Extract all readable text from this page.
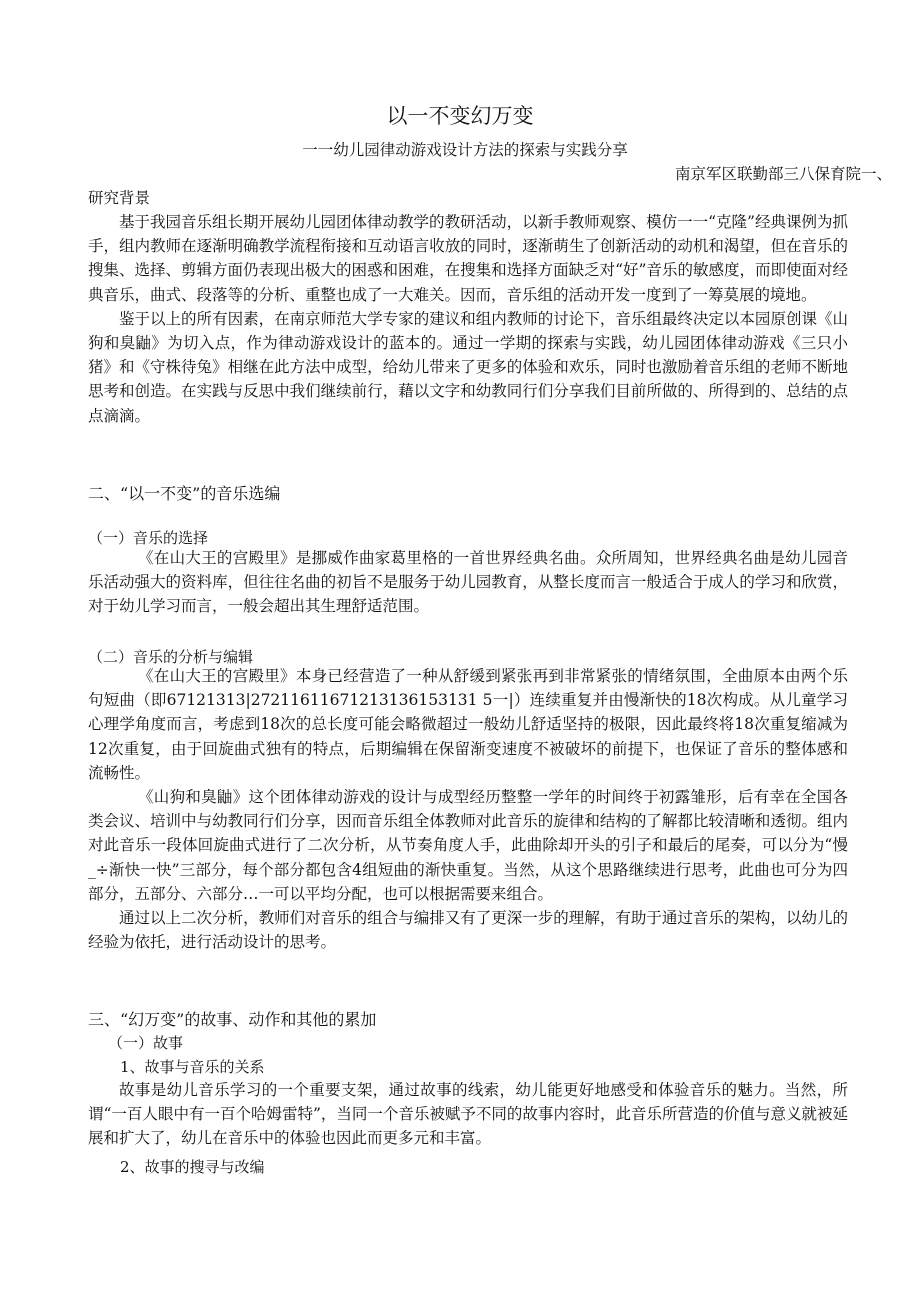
以一不变幻万变
一一幼儿园律动游戏设计方法的探索与实践分享
南京军区联勤部三八保育院一、
研究背景

基于我园音乐组长期开展幼儿园团体律动教学的教研活动，以新手教师观察、模仿一一“克隆”经典课例为抓手，组内教师在逐渐明确教学流程衔接和互动语言收放的同时，逐渐萌生了创新活动的动机和渴望，但在音乐的搜集、选择、剪辑方面仍表现出极大的困惑和困难，在搜集和选择方面缺乏对“好”音乐的敏感度，而即使面对经典音乐，曲式、段落等的分析、重整也成了一大难关。因而，音乐组的活动开发一度到了一筹莫展的境地。

鉴于以上的所有因素，在南京师范大学专家的建议和组内教师的讨论下，音乐组最终决定以本园原创课《山狗和臭鼬》为切入点，作为律动游戏设计的蓝本的。通过一学期的探索与实践，幼儿园团体律动游戏《三只小猪》和《守株待兔》相继在此方法中成型，给幼儿带来了更多的体验和欢乐，同时也激励着音乐组的老师不断地思考和创造。在实践与反思中我们继续前行，藉以文字和幼教同行们分享我们目前所做的、所得到的、总结的点点滴滴。

二、“以一不变”的音乐选编
（一）音乐的选择

《在山大王的宫殿里》是挪威作曲家葛里格的一首世界经典名曲。众所周知，世界经典名曲是幼儿园音乐活动强大的资料库，但往往名曲的初旨不是服务于幼儿园教育，从整长度而言一般适合于成人的学习和欣赏，对于幼儿学习而言，一般会超出其生理舒适范围。

（二）音乐的分析与编辑

《在山大王的宫殿里》本身已经营造了一种从舒缓到紧张再到非常紧张的情绪氛围，全曲原本由两个乐句短曲（即67121313|27211611671213136153131 5一|）连续重复并由慢渐快的18次构成。从儿童学习心理学角度而言，考虑到18次的总长度可能会略微超过一般幼儿舒适坚持的极限，因此最终将18次重复缩减为12次重复，由于回旋曲式独有的特点，后期编辑在保留渐变速度不被破坏的前提下，也保证了音乐的整体感和流畅性。

《山狗和臭鼬》这个团体律动游戏的设计与成型经历整整一学年的时间终于初露雏形，后有幸在全国各类会议、培训中与幼教同行们分享，因而音乐组全体教师对此音乐的旋律和结构的了解都比较清晰和透彻。组内对此音乐一段体回旋曲式进行了二次分析，从节奏角度人手，此曲除却开头的引子和最后的尾奏，可以分为“慢_÷渐快一快”三部分，每个部分都包含4组短曲的渐快重复。当然，从这个思路继续进行思考，此曲也可分为四部分，五部分、六部分…一可以平均分配，也可以根据需要来组合。

通过以上二次分析，教师们对音乐的组合与编排又有了更深一步的理解，有助于通过音乐的架构，以幼儿的经验为依托，进行活动设计的思考。

三、“幻万变”的故事、动作和其他的累加
（一）故事
1、故事与音乐的关系

故事是幼儿音乐学习的一个重要支架，通过故事的线索，幼儿能更好地感受和体验音乐的魅力。当然，所谓“一百人眼中有一百个哈姆雷特”，当同一个音乐被赋予不同的故事内容时，此音乐所营造的价值与意义就被延展和扩大了，幼儿在音乐中的体验也因此而更多元和丰富。

2、故事的搜寻与改编
